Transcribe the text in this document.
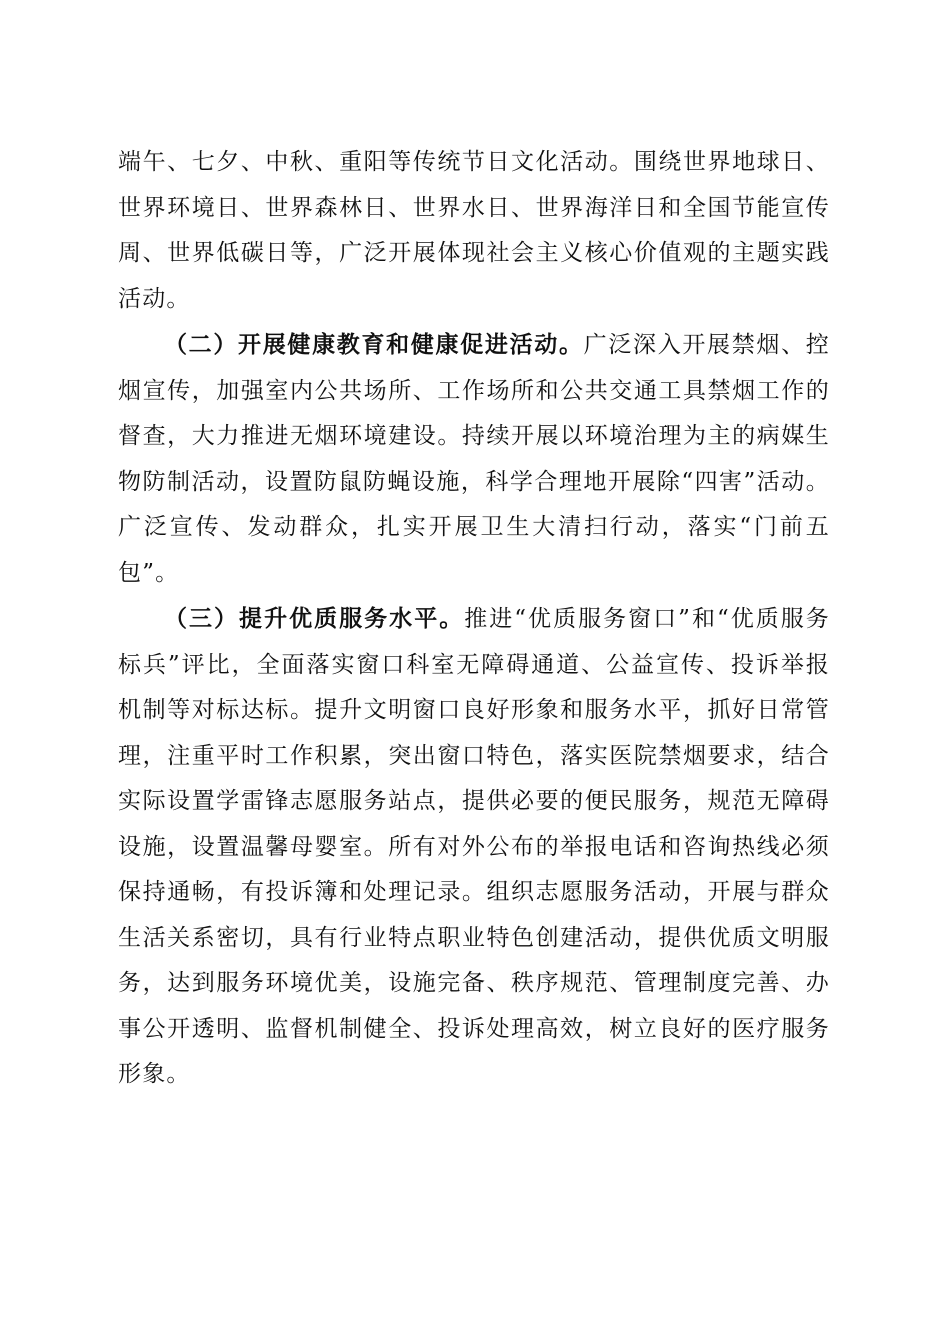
端午、七夕、中秋、重阳等传统节日文化活动。围绕世界地球日、世界环境日、世界森林日、世界水日、世界海洋日和全国节能宣传周、世界低碳日等，广泛开展体现社会主义核心价值观的主题实践活动。

（二）开展健康教育和健康促进活动。广泛深入开展禁烟、控烟宣传，加强室内公共场所、工作场所和公共交通工具禁烟工作的督查，大力推进无烟环境建设。持续开展以环境治理为主的病媒生物防制活动，设置防鼠防蝇设施，科学合理地开展除“四害”活动。广泛宣传、发动群众，扎实开展卫生大清扫行动，落实“门前五包”。

（三）提升优质服务水平。推进“优质服务窗口”和“优质服务标兵”评比，全面落实窗口科室无障碍通道、公益宣传、投诉举报机制等对标达标。提升文明窗口良好形象和服务水平，抓好日常管理，注重平时工作积累，突出窗口特色，落实医院禁烟要求，结合实际设置学雷锋志愿服务站点，提供必要的便民服务，规范无障碍设施，设置温馨母婴室。所有对外公布的举报电话和咨询热线必须保持通畅，有投诉簿和处理记录。组织志愿服务活动，开展与群众生活关系密切，具有行业特点职业特色创建活动，提供优质文明服务，达到服务环境优美，设施完备、秩序规范、管理制度完善、办事公开透明、监督机制健全、投诉处理高效，树立良好的医疗服务形象。
